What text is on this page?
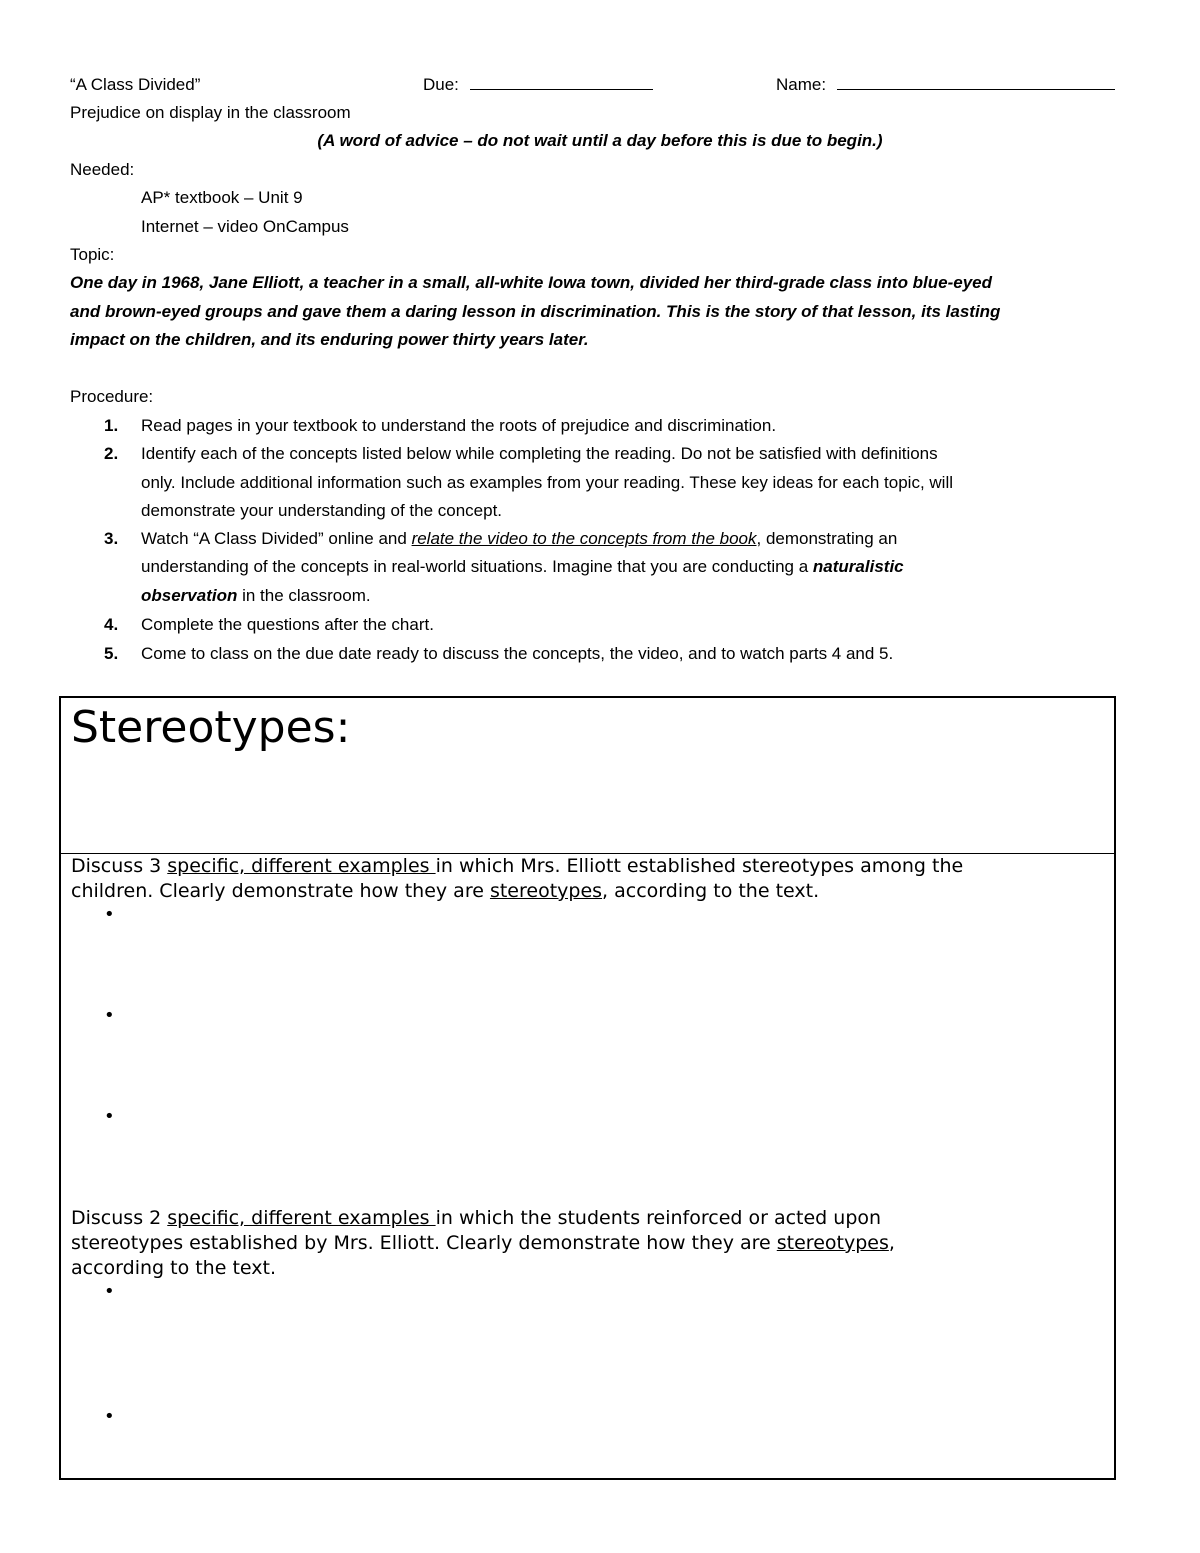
“A Class Divided”	Due:	Name:
Prejudice on display in the classroom
(A word of advice – do not wait until a day before this is due to begin.)
Needed:
AP* textbook – Unit 9
Internet – video OnCampus
Topic:
One day in 1968, Jane Elliott, a teacher in a small, all-white Iowa town, divided her third-grade class into blue-eyed
and brown-eyed groups and gave them a daring lesson in discrimination. This is the story of that lesson, its lasting
impact on the children, and its enduring power thirty years later.
Procedure:
1. Read pages in your textbook to understand the roots of prejudice and discrimination.
2. Identify each of the concepts listed below while completing the reading. Do not be satisfied with definitions
only. Include additional information such as examples from your reading. These key ideas for each topic, will
demonstrate your understanding of the concept.
3. Watch “A Class Divided” online and relate the video to the concepts from the book, demonstrating an
understanding of the concepts in real-world situations. Imagine that you are conducting a naturalistic
observation in the classroom.
4. Complete the questions after the chart.
5. Come to class on the due date ready to discuss the concepts, the video, and to watch parts 4 and 5.
Stereotypes:
Discuss 3 specific, different examples in which Mrs. Elliott established stereotypes among the
children. Clearly demonstrate how they are stereotypes, according to the text.
•
•
•
Discuss 2 specific, different examples in which the students reinforced or acted upon
stereotypes established by Mrs. Elliott. Clearly demonstrate how they are stereotypes,
according to the text.
•
•
